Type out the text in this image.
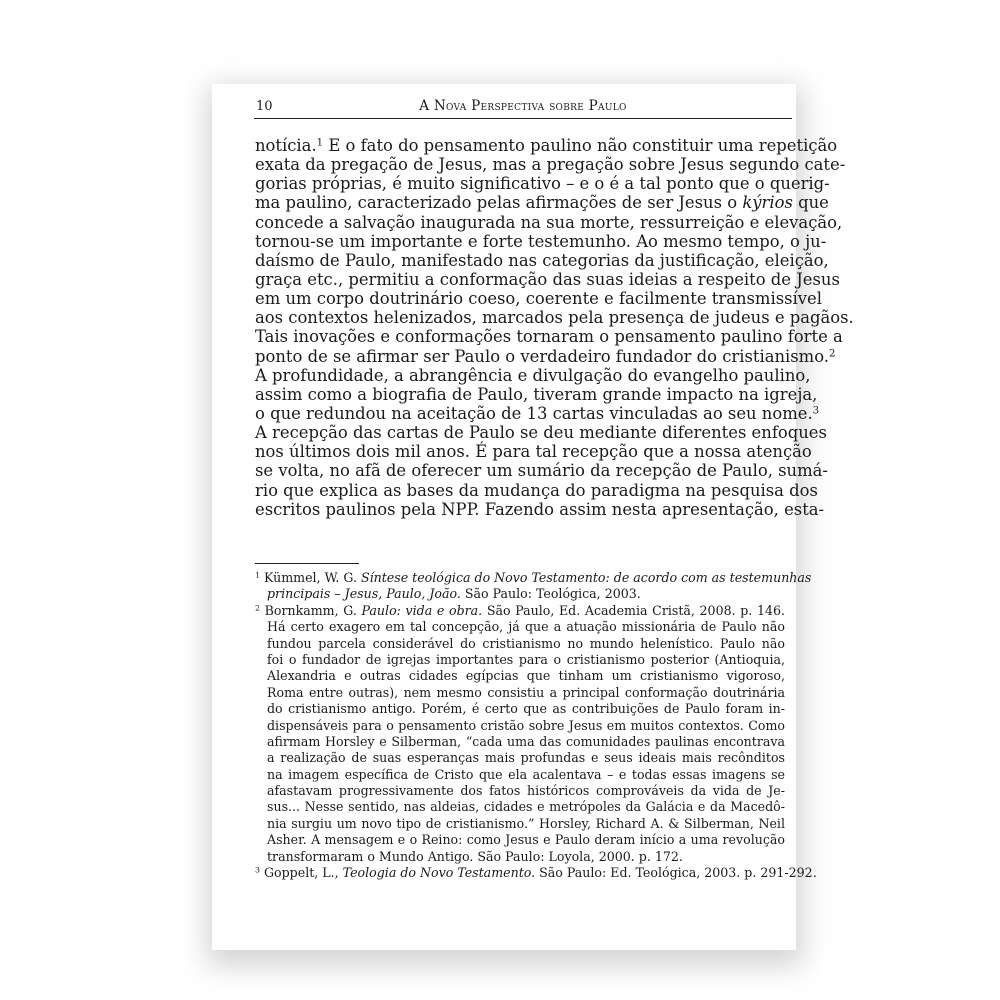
10	A Nova Perspectiva sobre Paulo
notícia.$^1$ E o fato do pensamento paulino não constituir uma repetição
exata da pregação de Jesus, mas a pregação sobre Jesus segundo cate-
gorias próprias, é muito significativo – e o é a tal ponto que o querig-
ma paulino, caracterizado pelas afirmações de ser Jesus o kýrios que
concede a salvação inaugurada na sua morte, ressurreição e elevação,
tornou-se um importante e forte testemunho. Ao mesmo tempo, o ju-
daísmo de Paulo, manifestado nas categorias da justificação, eleição,
graça etc., permitiu a conformação das suas ideias a respeito de Jesus
em um corpo doutrinário coeso, coerente e facilmente transmissível
aos contextos helenizados, marcados pela presença de judeus e pagãos.
Tais inovações e conformações tornaram o pensamento paulino forte a
ponto de se afirmar ser Paulo o verdadeiro fundador do cristianismo.$^2$
A profundidade, a abrangência e divulgação do evangelho paulino,
assim como a biografia de Paulo, tiveram grande impacto na igreja,
o que redundou na aceitação de 13 cartas vinculadas ao seu nome.$^3$
A recepção das cartas de Paulo se deu mediante diferentes enfoques
nos últimos dois mil anos. É para tal recepção que a nossa atenção
se volta, no afã de oferecer um sumário da recepção de Paulo, sumá-
rio que explica as bases da mudança do paradigma na pesquisa dos
escritos paulinos pela NPP. Fazendo assim nesta apresentação, esta-
$^1$ Kümmel, W. G. Síntese teológica do Novo Testamento: de acordo com as testemunhas
principais – Jesus, Paulo, João. São Paulo: Teológica, 2003.
$^2$ Bornkamm, G. Paulo: vida e obra. São Paulo, Ed. Academia Cristã, 2008. p. 146.
Há certo exagero em tal concepção, já que a atuação missionária de Paulo não
fundou parcela considerável do cristianismo no mundo helenístico. Paulo não
foi o fundador de igrejas importantes para o cristianismo posterior (Antioquia,
Alexandria e outras cidades egípcias que tinham um cristianismo vigoroso,
Roma entre outras), nem mesmo consistiu a principal conformação doutrinária
do cristianismo antigo. Porém, é certo que as contribuições de Paulo foram in-
dispensáveis para o pensamento cristão sobre Jesus em muitos contextos. Como
afirmam Horsley e Silberman, “cada uma das comunidades paulinas encontrava
a realização de suas esperanças mais profundas e seus ideais mais recônditos
na imagem específica de Cristo que ela acalentava – e todas essas imagens se
afastavam progressivamente dos fatos históricos comprováveis da vida de Je-
sus... Nesse sentido, nas aldeias, cidades e metrópoles da Galácia e da Macedô-
nia surgiu um novo tipo de cristianismo.” Horsley, Richard A. & Silberman, Neil
Asher. A mensagem e o Reino: como Jesus e Paulo deram início a uma revolução
transformaram o Mundo Antigo. São Paulo: Loyola, 2000. p. 172.
$^3$ Goppelt, L., Teologia do Novo Testamento. São Paulo: Ed. Teológica, 2003. p. 291-292.
